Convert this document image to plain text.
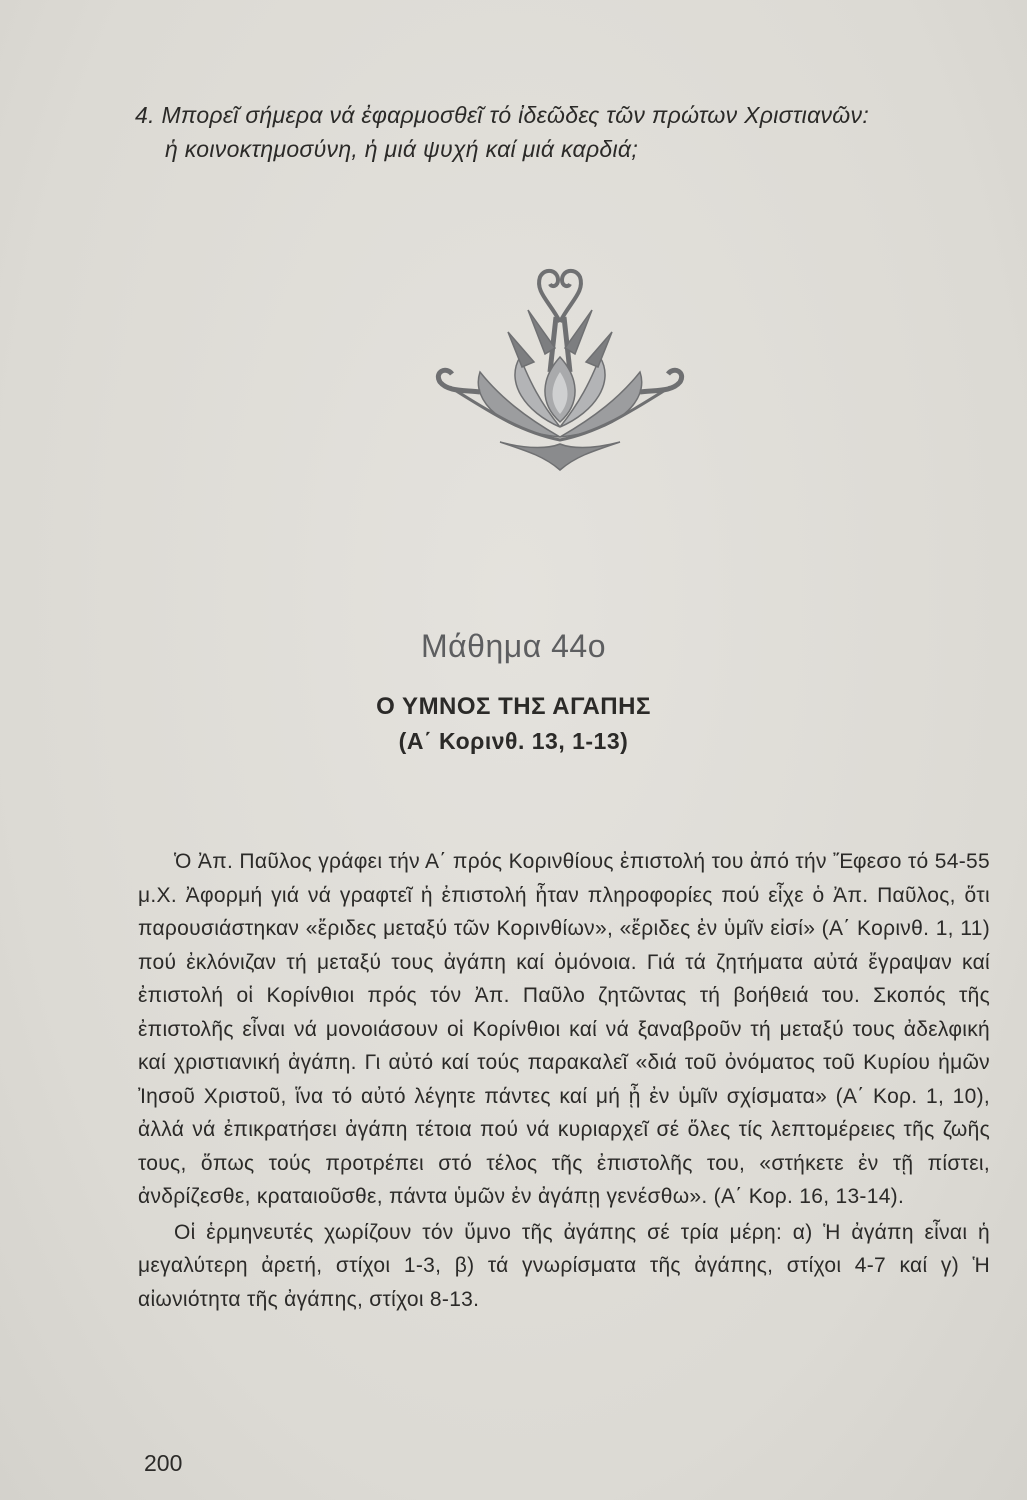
4. Μπορεῖ σήμερα νά ἐφαρμοσθεῖ τό ἰδεῶδες τῶν πρώτων Χριστιανῶν:

ἡ κοινοκτημοσύνη, ἡ μιά ψυχή καί μιά καρδιά;

Μάθημα 44ο
Ο ΥΜΝΟΣ ΤΗΣ ΑΓΑΠΗΣ
(Α΄ Κορινθ. 13, 1-13)

Ὁ Ἀπ. Παῦλος γράφει τήν Α΄ πρός Κορινθίους ἐπιστολή του ἀπό τήν Ἔφεσο τό 54-55 μ.Χ. Ἀφορμή γιά νά γραφτεῖ ἡ ἐπιστολή ἦταν πληροφορίες πού εἶχε ὁ Ἀπ. Παῦλος, ὅτι παρουσιάστηκαν «ἔριδες μεταξύ τῶν Κορινθίων», «ἔριδες ἐν ὑμῖν εἰσί» (Α΄ Κορινθ. 1, 11) πού ἐκλόνιζαν τή μεταξύ τους ἀγάπη καί ὁμόνοια. Γιά τά ζητήματα αὐτά ἔγραψαν καί ἐπιστολή οἱ Κορίνθιοι πρός τόν Ἀπ. Παῦλο ζητῶντας τή βοήθειά του. Σκοπός τῆς ἐπιστολῆς εἶναι νά μονοιάσουν οἱ Κορίνθιοι καί νά ξαναβροῦν τή μεταξύ τους ἀδελφική καί χριστιανική ἀγάπη. Γι αὐτό καί τούς παρακαλεῖ «διά τοῦ ὀνόματος τοῦ Κυρίου ἡμῶν Ἰησοῦ Χριστοῦ, ἵνα τό αὐτό λέγητε πάντες καί μή ᾖ ἐν ὑμῖν σχίσματα» (Α΄ Κορ. 1, 10), ἀλλά νά ἐπικρατήσει ἀγάπη τέτοια πού νά κυριαρχεῖ σέ ὅλες τίς λεπτομέρειες τῆς ζωῆς τους, ὅπως τούς προτρέπει στό τέλος τῆς ἐπιστολῆς του, «στήκετε ἐν τῇ πίστει, ἀνδρίζεσθε, κραταιοῦσθε, πάντα ὑμῶν ἐν ἀγάπῃ γενέσθω». (Α΄ Κορ. 16, 13-14).

Οἱ ἑρμηνευτές χωρίζουν τόν ὕμνο τῆς ἀγάπης σέ τρία μέρη: α) Ἡ ἀγάπη εἶναι ἡ μεγαλύτερη ἀρετή, στίχοι 1-3, β) τά γνωρίσματα τῆς ἀγάπης, στίχοι 4-7 καί γ) Ἡ αἰωνιότητα τῆς ἀγάπης, στίχοι 8-13.

200
